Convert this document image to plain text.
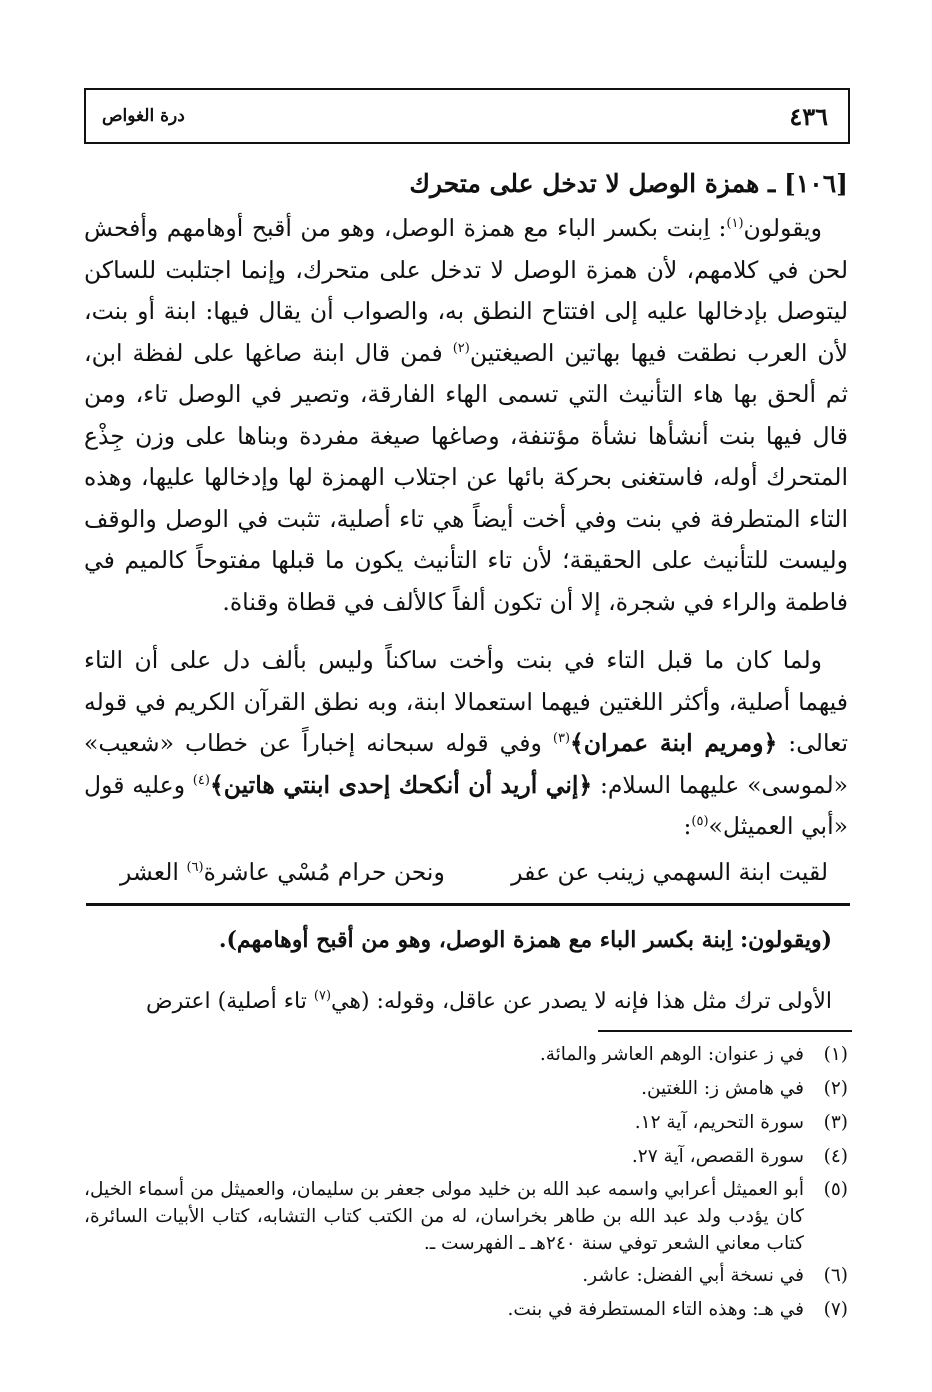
٤٣٦
درة الغواص
[١٠٦] ـ همزة الوصل لا تدخل على متحرك
ويقولون$^{(١)}$: اِبنت بكسر الباء مع همزة الوصل، وهو من أقبح أوهامهم وأفحش لحن في كلامهم، لأن همزة الوصل لا تدخل على متحرك، وإنما اجتلبت للساكن ليتوصل بإدخالها عليه إلى افتتاح النطق به، والصواب أن يقال فيها: ابنة أو بنت، لأن العرب نطقت فيها بهاتين الصيغتين$^{(٢)}$ فمن قال ابنة صاغها على لفظة ابن، ثم ألحق بها هاء التأنيث التي تسمى الهاء الفارقة، وتصير في الوصل تاء، ومن قال فيها بنت أنشأها نشأة مؤتنفة، وصاغها صيغة مفردة وبناها على وزن جِذْع المتحرك أوله، فاستغنى بحركة بائها عن اجتلاب الهمزة لها وإدخالها عليها، وهذه التاء المتطرفة في بنت وفي أخت أيضاً هي تاء أصلية، تثبت في الوصل والوقف وليست للتأنيث على الحقيقة؛ لأن تاء التأنيث يكون ما قبلها مفتوحاً كالميم في فاطمة والراء في شجرة، إلا أن تكون ألفاً كالألف في قطاة وقناة.
ولما كان ما قبل التاء في بنت وأخت ساكناً وليس بألف دل على أن التاء فيهما أصلية، وأكثر اللغتين فيهما استعمالا ابنة، وبه نطق القرآن الكريم في قوله تعالى: ﴿ومريم ابنة عمران﴾$^{(٣)}$ وفي قوله سبحانه إخباراً عن خطاب «شعيب» «لموسى» عليهما السلام: ﴿إني أريد أن أنكحك إحدى ابنتي هاتين﴾$^{(٤)}$ وعليه قول «أبي العميثل»$^{(٥)}$:
لقيت ابنة السهمي زينب عن عفر
ونحن حرام مُسْي عاشرة$^{(٦)}$ العشر
(ويقولون: اِبنة بكسر الباء مع همزة الوصل، وهو من أقبح أوهامهم).
الأولى ترك مثل هذا فإنه لا يصدر عن عاقل، وقوله: (هي$^{(٧)}$ تاء أصلية) اعترض
(١)
في ز عنوان: الوهم العاشر والمائة.
(٢)
في هامش ز: اللغتين.
(٣)
سورة التحريم، آية ١٢.
(٤)
سورة القصص، آية ٢٧.
(٥)
أبو العميثل أعرابي واسمه عبد الله بن خليد مولى جعفر بن سليمان، والعميثل من أسماء الخيل، كان يؤدب ولد عبد الله بن طاهر بخراسان، له من الكتب كتاب التشابه، كتاب الأبيات السائرة، كتاب معاني الشعر توفي سنة ٢٤٠هـ ـ الفهرست ـ.
(٦)
في نسخة أبي الفضل: عاشر.
(٧)
في هـ: وهذه التاء المستطرفة في بنت.
